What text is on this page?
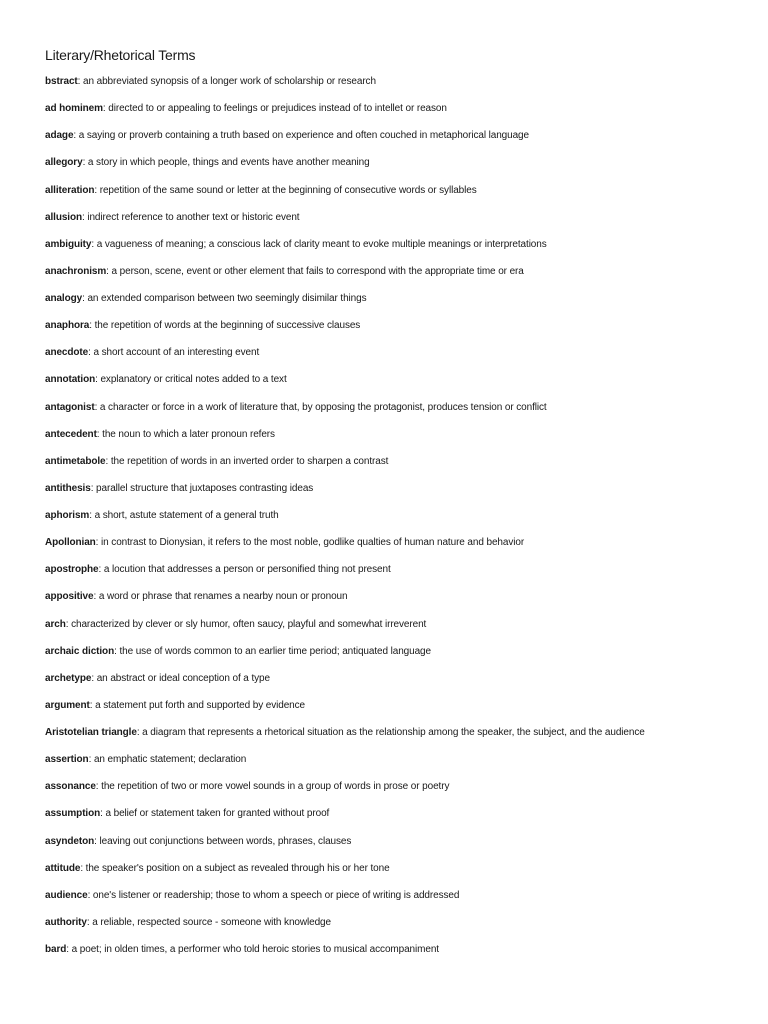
Literary/Rhetorical Terms
bstract: an abbreviated synopsis of a longer work of scholarship or research
ad hominem: directed to or appealing to feelings or prejudices instead of to intellet or reason
adage: a saying or proverb containing a truth based on experience and often couched in metaphorical language
allegory: a story in which people, things and events have another meaning
alliteration: repetition of the same sound or letter at the beginning of consecutive words or syllables
allusion: indirect reference to another text or historic event
ambiguity: a vagueness of meaning; a conscious lack of clarity meant to evoke multiple meanings or interpretations
anachronism: a person, scene, event or other element that fails to correspond with the appropriate time or era
analogy: an extended comparison between two seemingly disimilar things
anaphora: the repetition of words at the beginning of successive clauses
anecdote: a short account of an interesting event
annotation: explanatory or critical notes added to a text
antagonist: a character or force in a work of literature that, by opposing the protagonist, produces tension or conflict
antecedent: the noun to which a later pronoun refers
antimetabole: the repetition of words in an inverted order to sharpen a contrast
antithesis: parallel structure that juxtaposes contrasting ideas
aphorism: a short, astute statement of a general truth
Apollonian: in contrast to Dionysian, it refers to the most noble, godlike qualties of human nature and behavior
apostrophe: a locution that addresses a person or personified thing not present
appositive: a word or phrase that renames a nearby noun or pronoun
arch: characterized by clever or sly humor, often saucy, playful and somewhat irreverent
archaic diction: the use of words common to an earlier time period; antiquated language
archetype: an abstract or ideal conception of a type
argument: a statement put forth and supported by evidence
Aristotelian triangle: a diagram that represents a rhetorical situation as the relationship among the speaker, the subject, and the audience
assertion: an emphatic statement; declaration
assonance: the repetition of two or more vowel sounds in a group of words in prose or poetry
assumption: a belief or statement taken for granted without proof
asyndeton: leaving out conjunctions between words, phrases, clauses
attitude: the speaker's position on a subject as revealed through his or her tone
audience: one's listener or readership; those to whom a speech or piece of writing is addressed
authority: a reliable, respected source - someone with knowledge
bard: a poet; in olden times, a performer who told heroic stories to musical accompaniment
